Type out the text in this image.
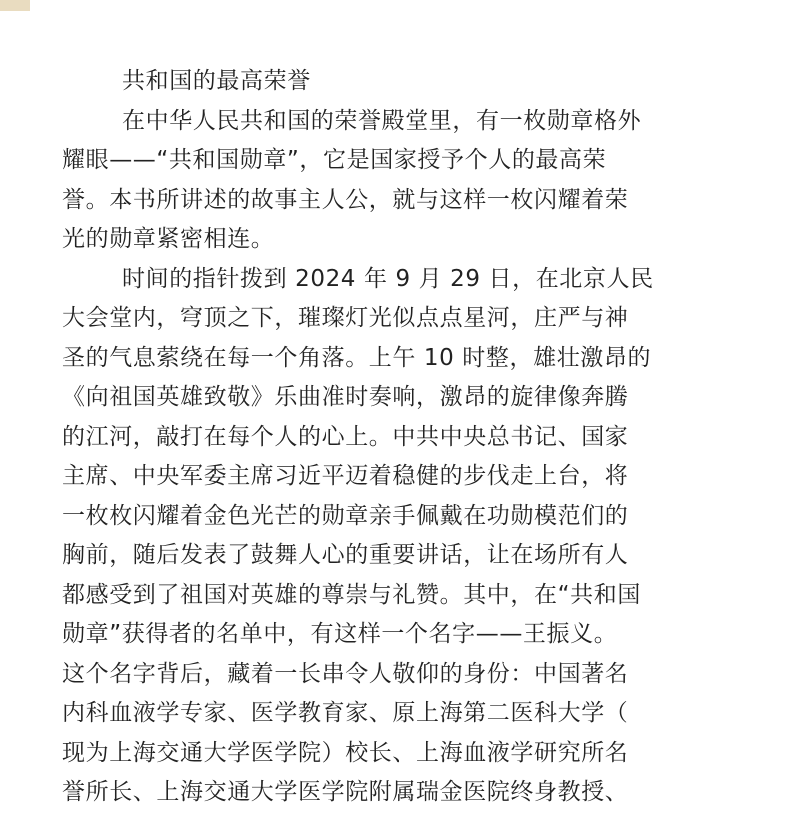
共和国的最高荣誉
在中华人民共和国的荣誉殿堂里，有一枚勋章格外
耀眼——“共和国勋章”，它是国家授予个人的最高荣
誉。本书所讲述的故事主人公，就与这样一枚闪耀着荣
光的勋章紧密相连。
时间的指针拨到 2024 年 9 月 29 日，在北京人民
大会堂内，穹顶之下，璀璨灯光似点点星河，庄严与神
圣的气息萦绕在每一个角落。上午 10 时整，雄壮激昂的
《向祖国英雄致敬》乐曲准时奏响，激昂的旋律像奔腾
的江河，敲打在每个人的心上。中共中央总书记、国家
主席、中央军委主席习近平迈着稳健的步伐走上台，将
一枚枚闪耀着金色光芒的勋章亲手佩戴在功勋模范们的
胸前，随后发表了鼓舞人心的重要讲话，让在场所有人
都感受到了祖国对英雄的尊崇与礼赞。其中，在“共和国
勋章”获得者的名单中，有这样一个名字——王振义。
这个名字背后，藏着一长串令人敬仰的身份：中国著名
内科血液学专家、医学教育家、原上海第二医科大学（
现为上海交通大学医学院）校长、上海血液学研究所名
誉所长、上海交通大学医学院附属瑞金医院终身教授、
